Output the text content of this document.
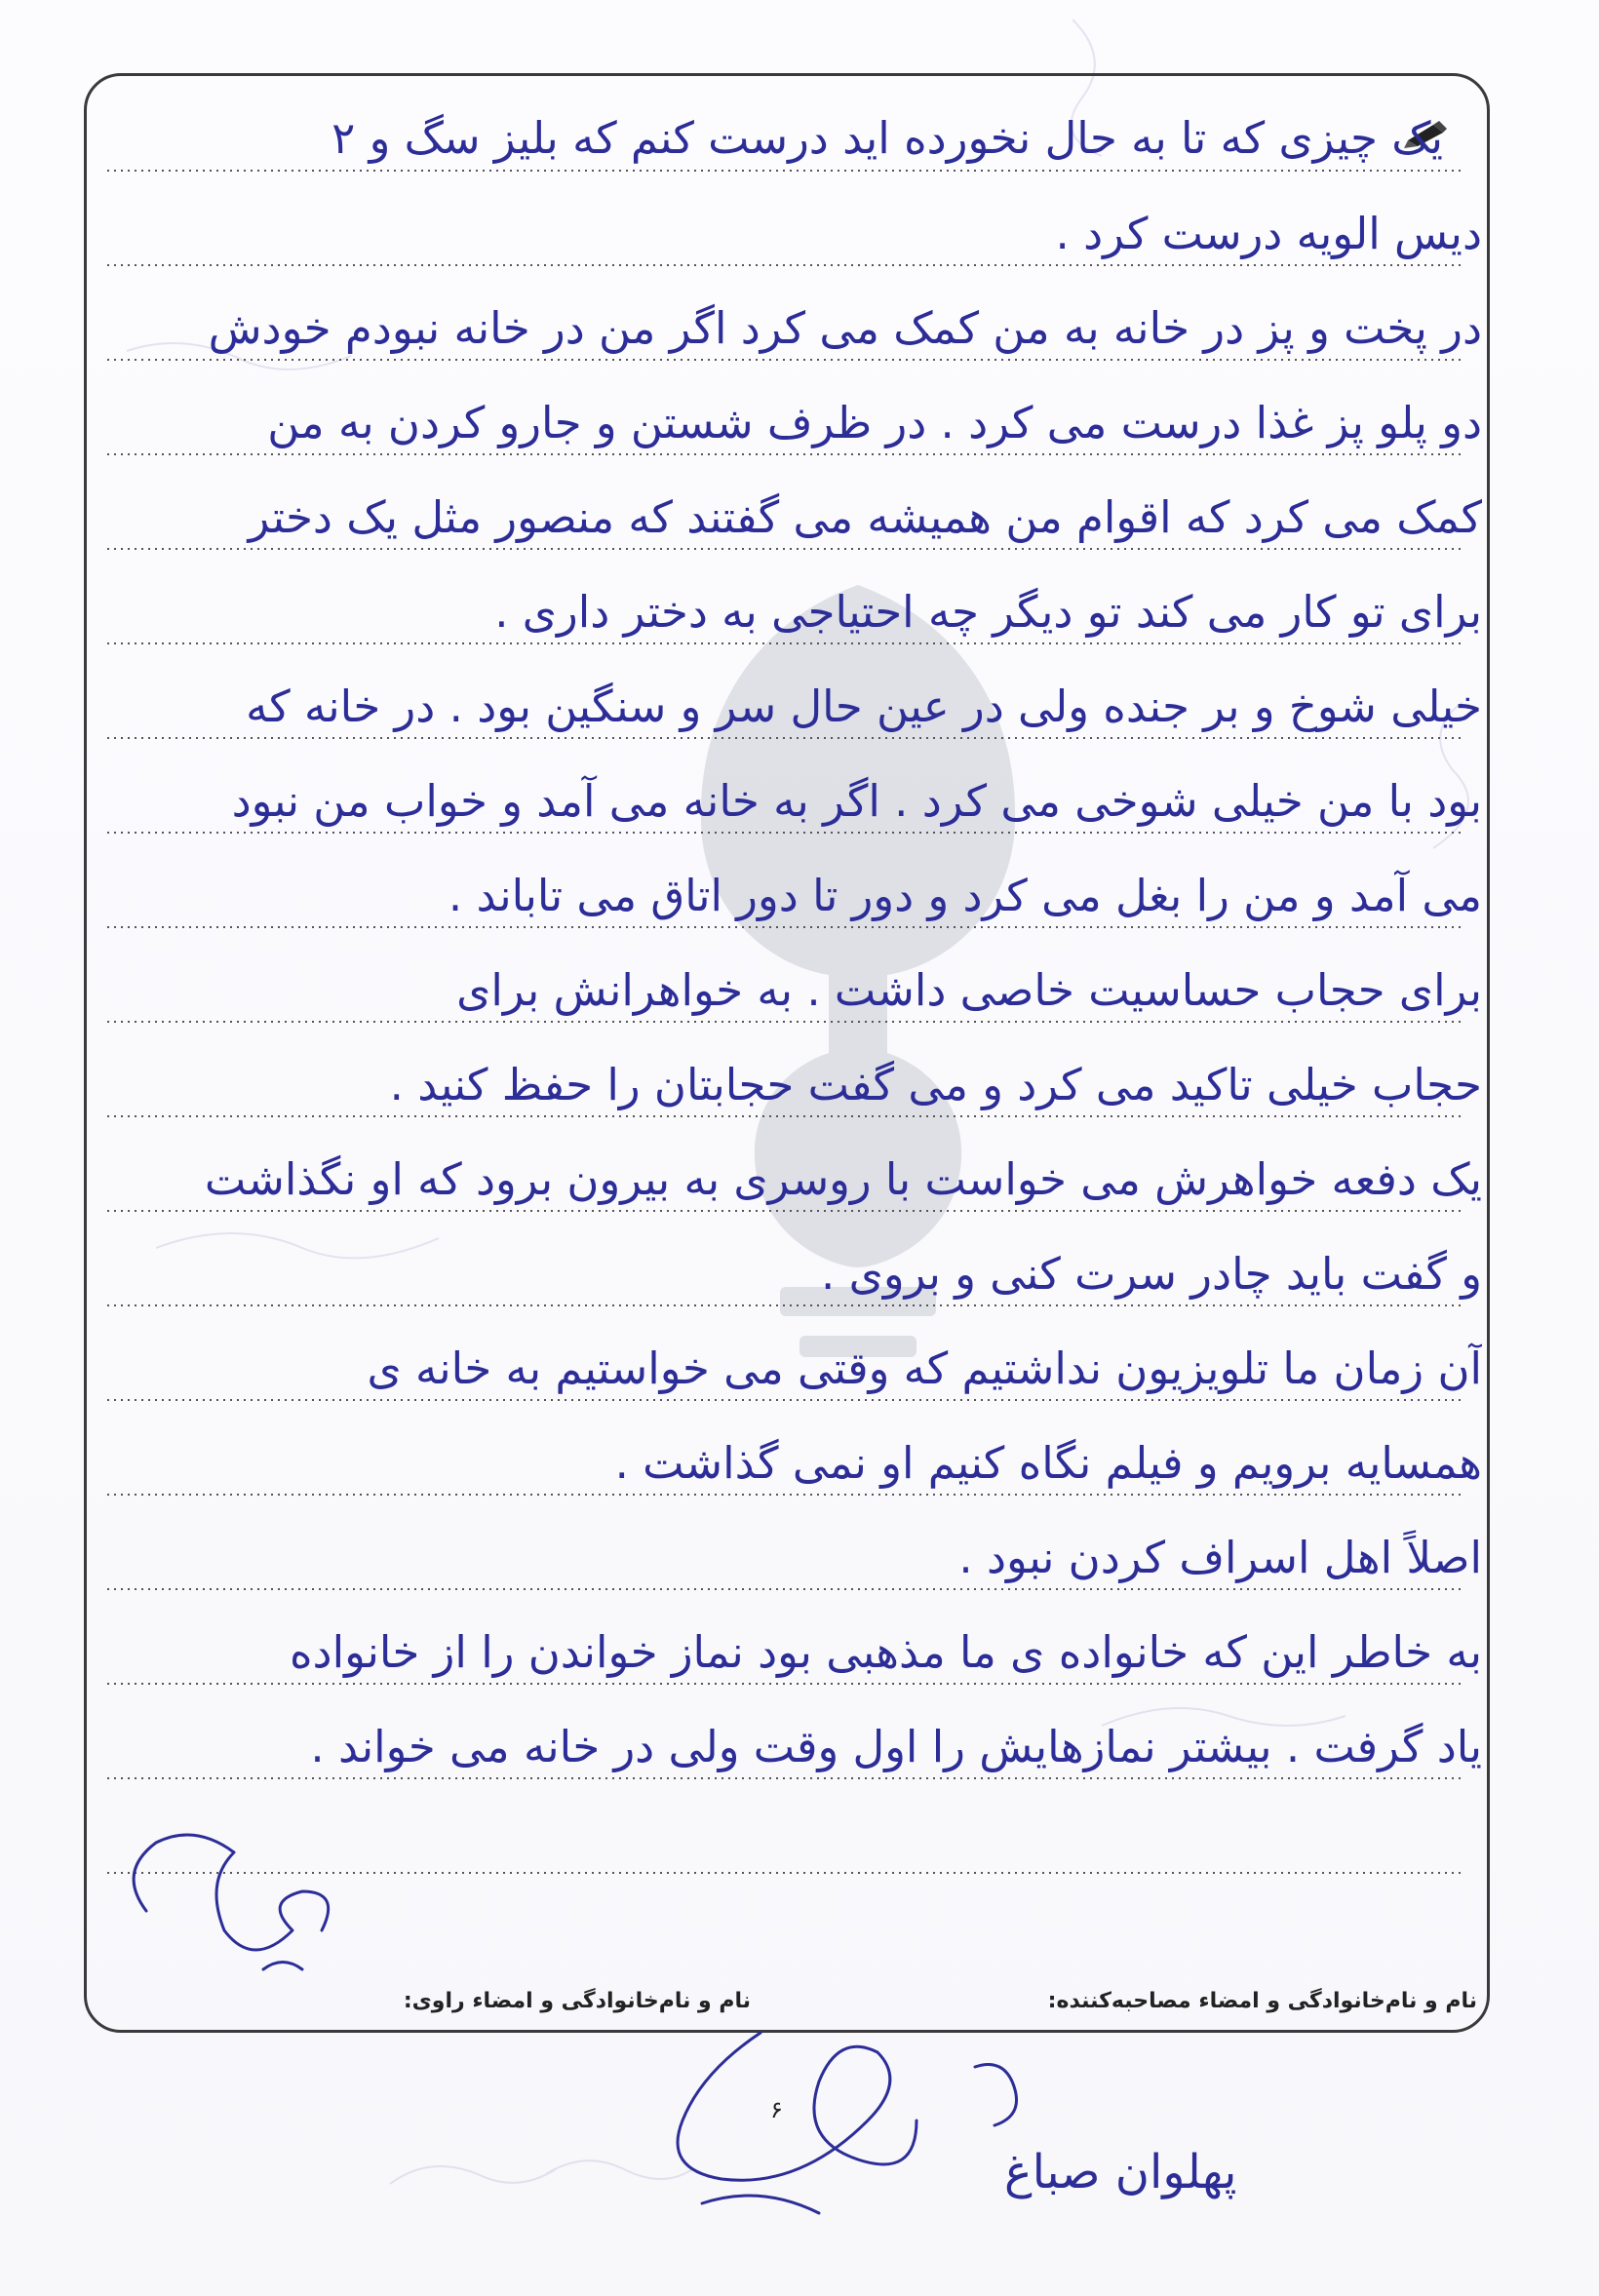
یک چیزی که تا به حال نخورده اید درست کنم که بلیز سگ و ۲
دیس الویه درست کرد .
در پخت و پز در خانه به من کمک می کرد اگر من در خانه نبودم خودش
دو پلو پز غذا درست می کرد . در ظرف شستن و جارو کردن به من
کمک می کرد که اقوام من همیشه می گفتند که منصور مثل یک دختر
برای تو کار می کند تو دیگر چه احتیاجی به دختر داری .
خیلی شوخ و بر جنده ولی در عین حال سر و سنگین بود . در خانه که
بود با من خیلی شوخی می کرد . اگر به خانه می آمد و خواب من نبود
می آمد و من را بغل می کرد و دور تا دور اتاق می تاباند .
برای حجاب حساسیت خاصی داشت . به خواهرانش برای
حجاب خیلی تاکید می کرد و می گفت حجابتان را حفظ کنید .
یک دفعه خواهرش می خواست با روسری به بیرون برود که او نگذاشت
و گفت باید چادر سرت کنی و بروی .
آن زمان ما تلویزیون نداشتیم که وقتی می خواستیم به خانه ی
همسایه برویم و فیلم نگاه کنیم او نمی گذاشت .
اصلاً اهل اسراف کردن نبود .
به خاطر این که خانواده ی ما مذهبی بود نماز خواندن را از خانواده
یاد گرفت . بیشتر نمازهایش را اول وقت ولی در خانه می خواند .
نام و نام‌خانوادگی و امضاء مصاحبه‌کننده:
نام و نام‌خانوادگی و امضاء راوی:
۶
پهلوان صباغ
